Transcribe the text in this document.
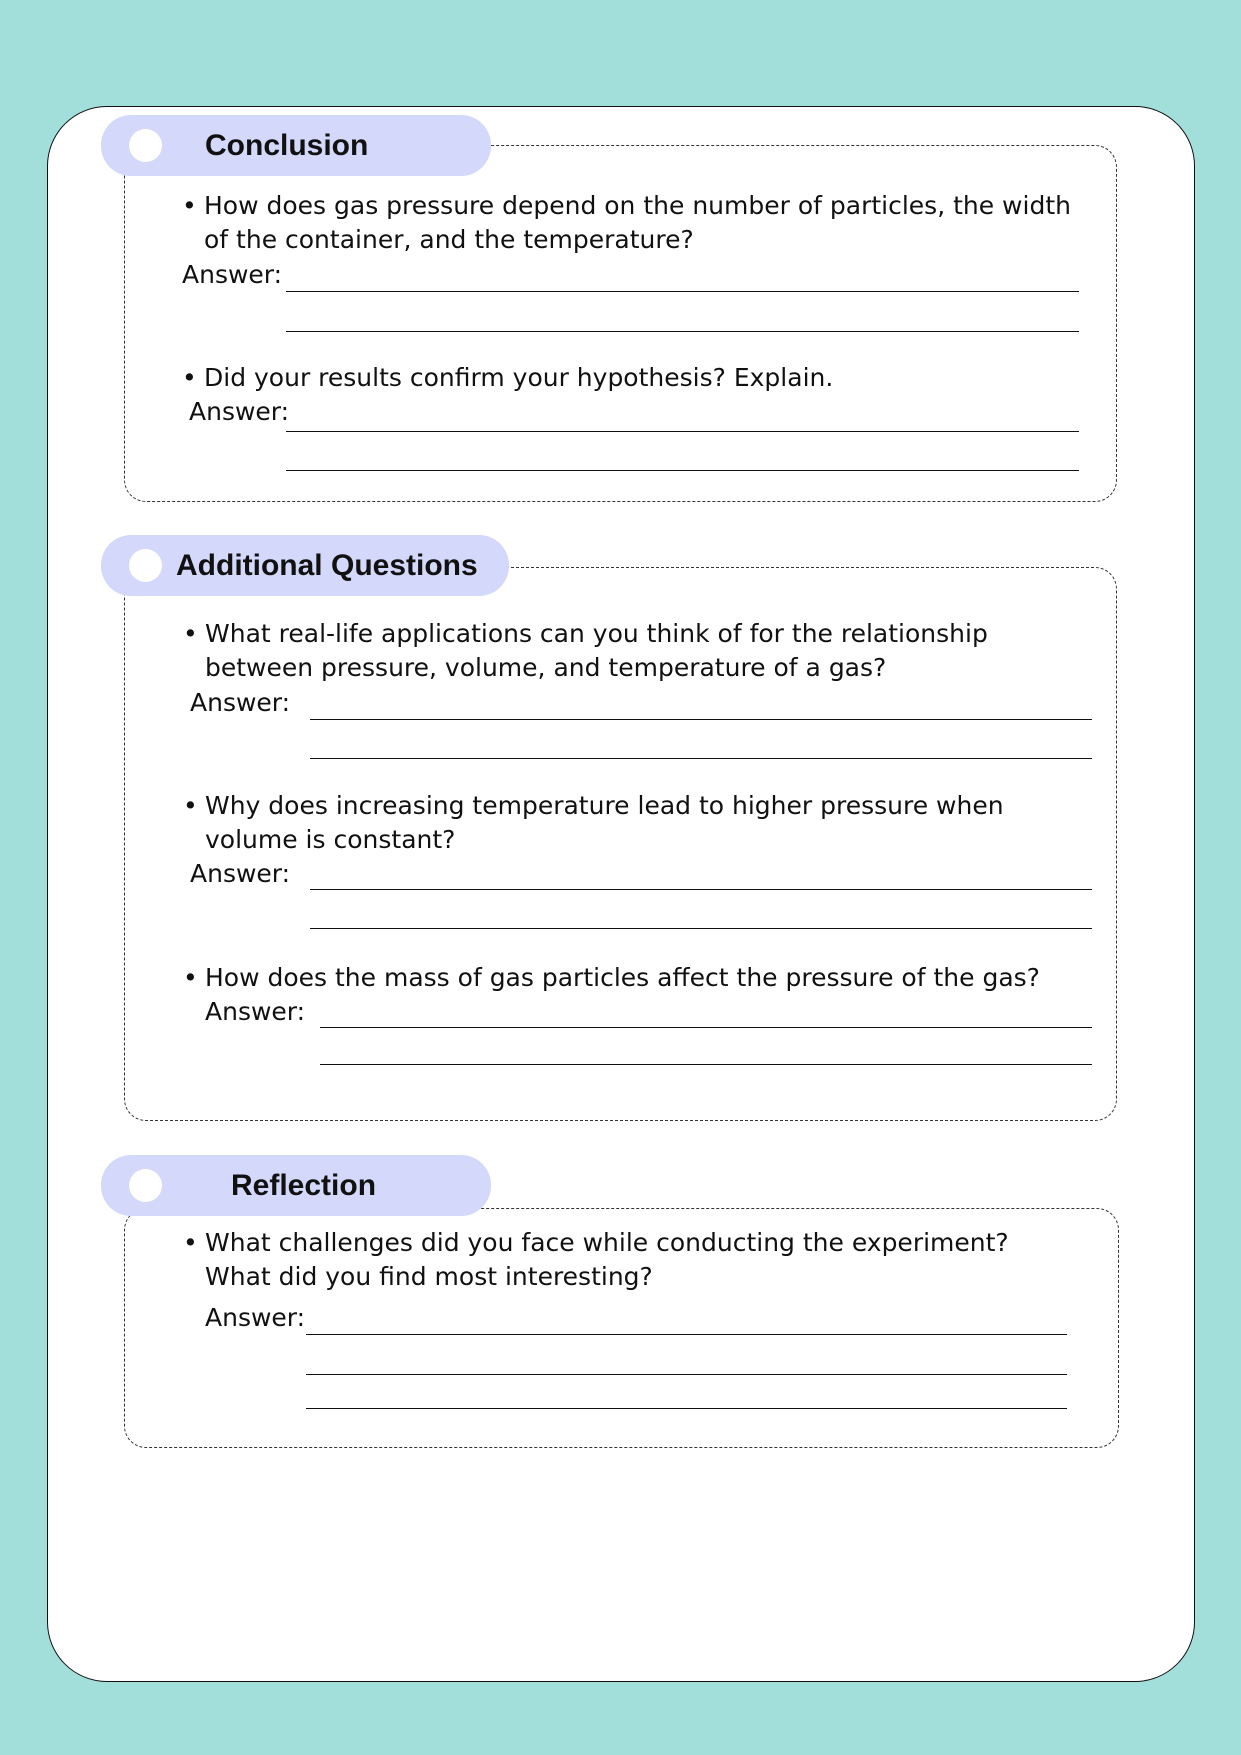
Conclusion
• How does gas pressure depend on the number of particles, the width
of the container, and the temperature?
Answer:
• Did your results confirm your hypothesis? Explain.
Answer:
Additional Questions
• What real-life applications can you think of for the relationship
between pressure, volume, and temperature of a gas?
Answer:
• Why does increasing temperature lead to higher pressure when
volume is constant?
Answer:
• How does the mass of gas particles affect the pressure of the gas?
Answer:
Reflection
• What challenges did you face while conducting the experiment?
What did you find most interesting?
Answer:
